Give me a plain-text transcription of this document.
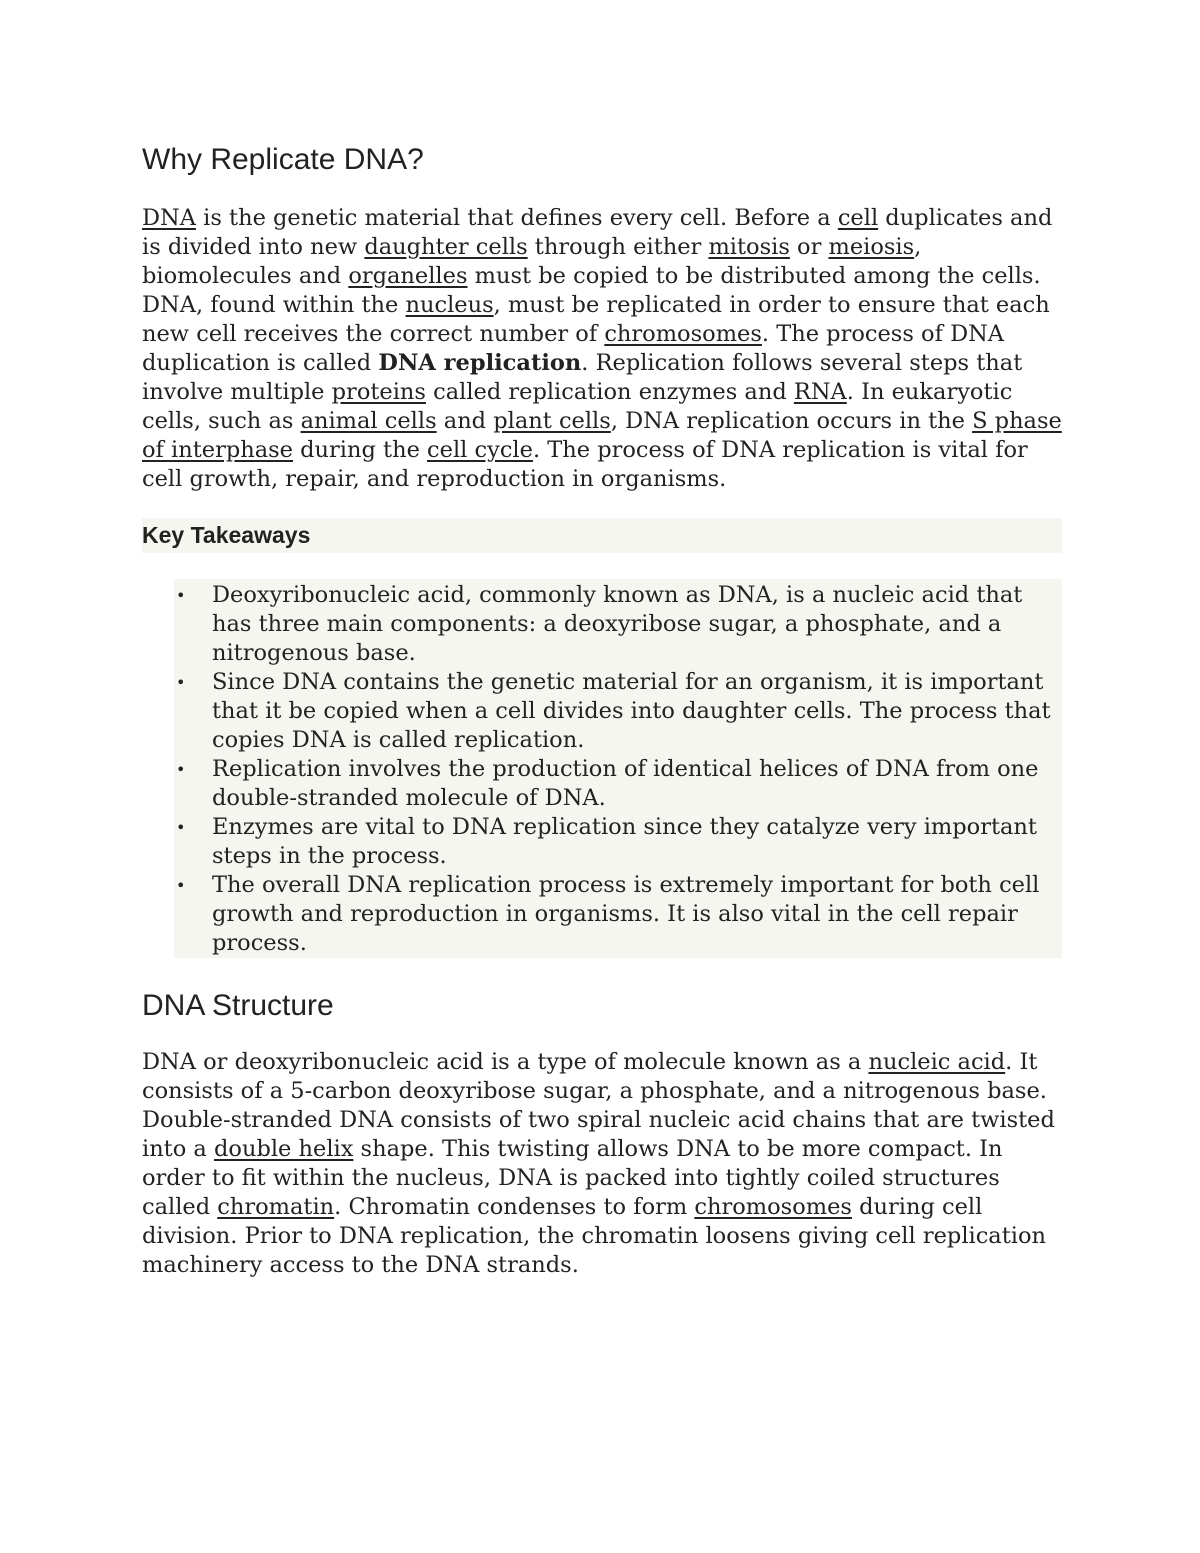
Why Replicate DNA?

DNA is the genetic material that defines every cell. Before a cell duplicates and is divided into new daughter cells through either mitosis or meiosis, biomolecules and organelles must be copied to be distributed among the cells. DNA, found within the nucleus, must be replicated in order to ensure that each new cell receives the correct number of chromosomes. The process of DNA duplication is called DNA replication. Replication follows several steps that involve multiple proteins called replication enzymes and RNA. In eukaryotic cells, such as animal cells and plant cells, DNA replication occurs in the S phase of interphase during the cell cycle. The process of DNA replication is vital for cell growth, repair, and reproduction in organisms.

Key Takeaways
• Deoxyribonucleic acid, commonly known as DNA, is a nucleic acid that has three main components: a deoxyribose sugar, a phosphate, and a nitrogenous base.
• Since DNA contains the genetic material for an organism, it is important that it be copied when a cell divides into daughter cells. The process that copies DNA is called replication.
• Replication involves the production of identical helices of DNA from one double-stranded molecule of DNA.
• Enzymes are vital to DNA replication since they catalyze very important steps in the process.
• The overall DNA replication process is extremely important for both cell growth and reproduction in organisms. It is also vital in the cell repair process.
DNA Structure

DNA or deoxyribonucleic acid is a type of molecule known as a nucleic acid. It consists of a 5-carbon deoxyribose sugar, a phosphate, and a nitrogenous base. Double-stranded DNA consists of two spiral nucleic acid chains that are twisted into a double helix shape. This twisting allows DNA to be more compact. In order to fit within the nucleus, DNA is packed into tightly coiled structures called chromatin. Chromatin condenses to form chromosomes during cell division. Prior to DNA replication, the chromatin loosens giving cell replication machinery access to the DNA strands.
